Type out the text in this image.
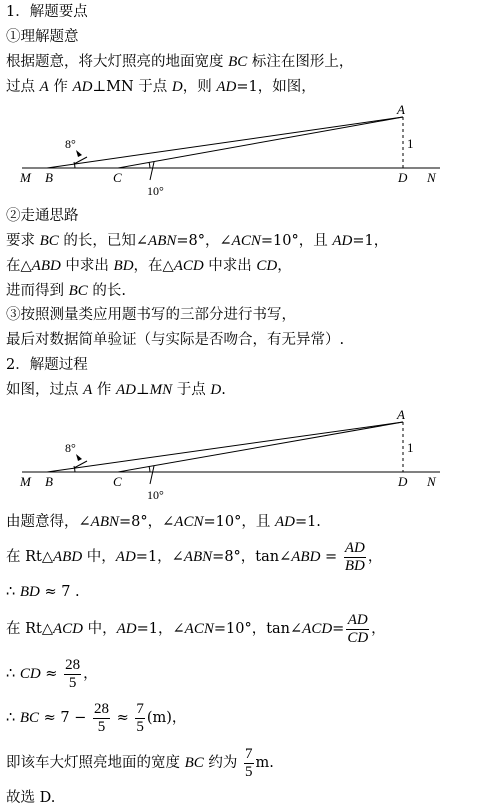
1．解题要点
①理解题意
根据题意，将大灯照亮的地面宽度 BC 标注在图形上，
过点 A 作 AD⊥MN 于点 D，则 AD=1，如图，
A
1
M B	C	D N
8°
10°
②走通思路
要求 BC 的长，已知∠ABN=8°，∠ACN=10°，且 AD=1，
在△ABD 中求出 BD，在△ACD 中求出 CD，
进而得到 BC 的长.
③按照测量类应用题书写的三部分进行书写，
最后对数据简单验证（与实际是否吻合，有无异常）.
2．解题过程
如图，过点 A 作 AD⊥MN 于点 D.
A
1
M B	C	D N
8°
10°
由题意得，∠ABN=8°，∠ACN=10°，且 AD=1.
在 Rt△ABD 中，AD=1，∠ABN=8°，tan∠ABD = $\frac{AD}{BD}$ ，
∴ BD ≈ 7 .
在 Rt△ACD 中，AD=1，∠ACN=10°，tan∠ACD= $\frac{AD}{CD}$ ，
∴ CD ≈ $\frac{28}{5}$ ，
∴ BC ≈ $7 - \frac{28}{5} \approx \frac{7}{5} (m)$，
即该车大灯照亮地面的宽度 BC 约为 $\frac{7}{5} m$.
故选 D.
